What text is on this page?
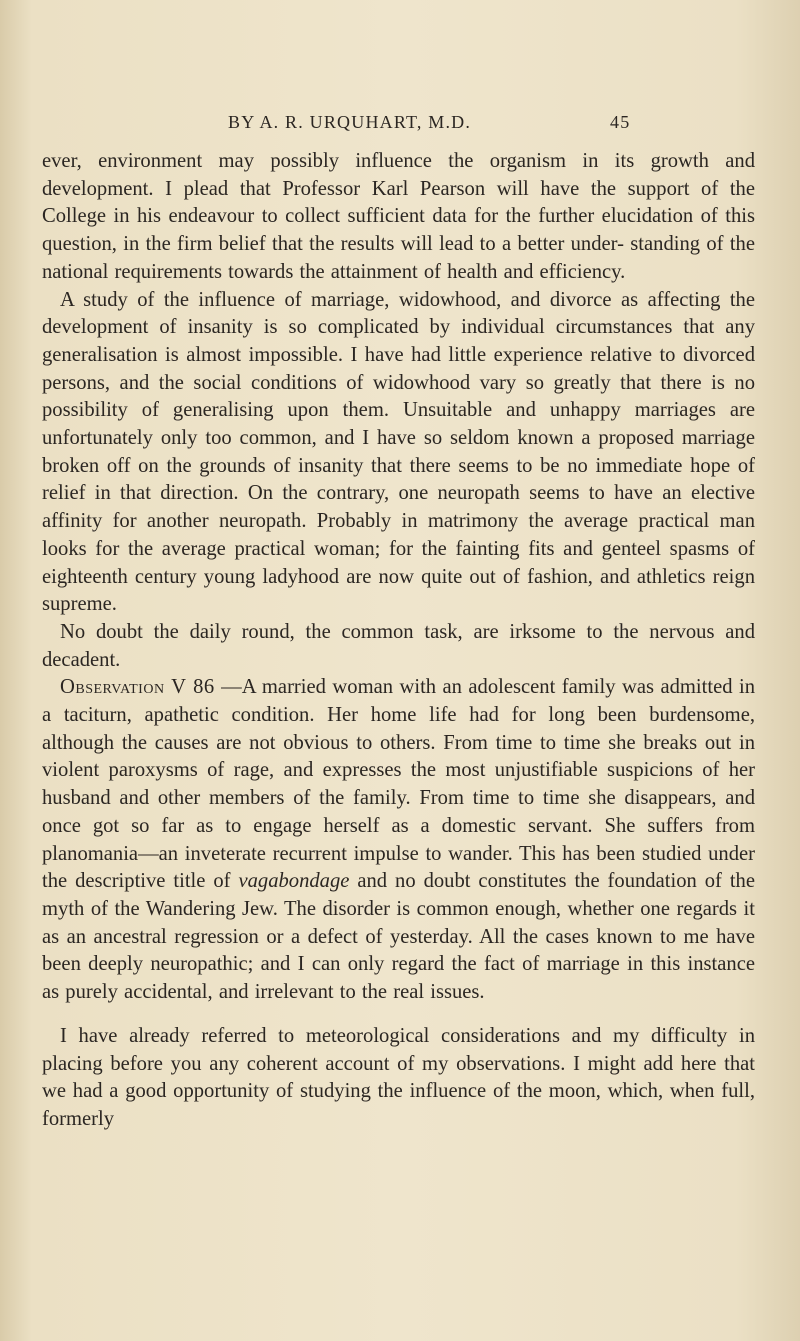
BY A. R. URQUHART, M.D.	45

ever, environment may possibly influence the organism in its growth and development. I plead that Professor Karl Pearson will have the support of the College in his endeavour to collect sufficient data for the further elucidation of this question, in the firm belief that the results will lead to a better under- standing of the national requirements towards the attainment of health and efficiency.

A study of the influence of marriage, widowhood, and divorce as affecting the development of insanity is so complicated by individual circumstances that any generalisation is almost impossible. I have had little experience relative to divorced persons, and the social conditions of widowhood vary so greatly that there is no possibility of generalising upon them. Unsuitable and unhappy marriages are unfortunately only too common, and I have so seldom known a proposed marriage broken off on the grounds of insanity that there seems to be no immediate hope of relief in that direction. On the contrary, one neuropath seems to have an elective affinity for another neuropath. Probably in matrimony the average practical man looks for the average practical woman; for the fainting fits and genteel spasms of eighteenth century young ladyhood are now quite out of fashion, and athletics reign supreme.

No doubt the daily round, the common task, are irksome to the nervous and decadent.

Observation V 86 —A married woman with an adolescent family was admitted in a taciturn, apathetic condition. Her home life had for long been burdensome, although the causes are not obvious to others. From time to time she breaks out in violent paroxysms of rage, and expresses the most unjustifiable suspicions of her husband and other members of the family. From time to time she disappears, and once got so far as to engage herself as a domestic servant. She suffers from planomania—an inveterate recurrent impulse to wander. This has been studied under the descriptive title of vagabondage and no doubt constitutes the foundation of the myth of the Wandering Jew. The disorder is common enough, whether one regards it as an ancestral regression or a defect of yesterday. All the cases known to me have been deeply neuropathic; and I can only regard the fact of marriage in this instance as purely accidental, and irrelevant to the real issues.

I have already referred to meteorological considerations and my difficulty in placing before you any coherent account of my observations. I might add here that we had a good opportunity of studying the influence of the moon, which, when full, formerly
